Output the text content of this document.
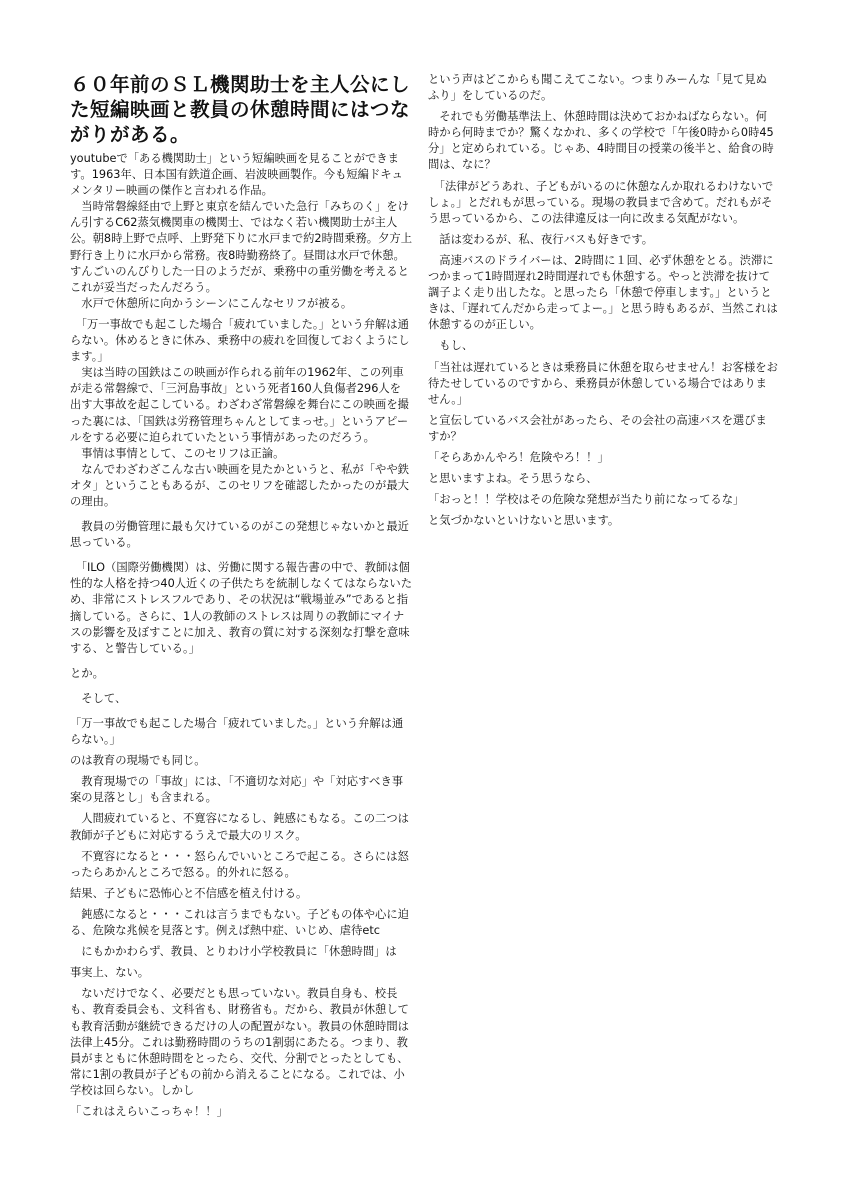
６０年前のＳＬ機関助士を主人公にした短編映画と教員の休憩時間にはつながりがある。

youtubeで「ある機関助士」という短編映画を見ることができます。1963年、日本国有鉄道企画、岩波映画製作。今も短編ドキュメンタリー映画の傑作と言われる作品。

　当時常磐線経由で上野と東京を結んでいた急行「みちのく」をけん引するC62蒸気機関車の機関士、ではなく若い機関助士が主人公。朝8時上野で点呼、上野発下りに水戸まで約2時間乗務。夕方上野行き上りに水戸から常務。夜8時勤務終了。昼間は水戸で休憩。すんごいのんびりした一日のようだが、乗務中の重労働を考えるとこれが妥当だったんだろう。

　水戸で休憩所に向かうシーンにこんなセリフが被る。

　「万一事故でも起こした場合「疲れていました。」という弁解は通らない。休めるときに休み、乗務中の疲れを回復しておくようにします。」

　実は当時の国鉄はこの映画が作られる前年の1962年、この列車が走る常磐線で、「三河島事故」という死者160人負傷者296人を

出す大事故を起こしている。わざわざ常磐線を舞台にこの映画を撮った裏には、「国鉄は労務管理ちゃんとしてまっせ。」というアピールをする必要に迫られていたという事情があったのだろう。

　事情は事情として、このセリフは正論。

　なんでわざわざこんな古い映画を見たかというと、私が「やや鉄オタ」ということもあるが、このセリフを確認したかったのが最大の理由。

　教員の労働管理に最も欠けているのがこの発想じゃないかと最近思っている。

　「ILO（国際労働機関）は、労働に関する報告書の中で、教師は個性的な人格を持つ40人近くの子供たちを統制しなくてはならないため、非常にストレスフルであり、その状況は“戦場並み”であると指摘している。さらに、1人の教師のストレスは周りの教師にマイナスの影響を及ぼすことに加え、教育の質に対する深刻な打撃を意味する、と警告している。」

とか。

　そして、

「万一事故でも起こした場合「疲れていました。」という弁解は通らない。」

のは教育の現場でも同じ。

　教育現場での「事故」には、「不適切な対応」や「対応すべき事案の見落とし」も含まれる。

　人間疲れていると、不寛容になるし、鈍感にもなる。この二つは教師が子どもに対応するうえで最大のリスク。

　不寛容になると・・・怒らんでいいところで起こる。さらには怒ったらあかんところで怒る。的外れに怒る。

結果、子どもに恐怖心と不信感を植え付ける。

　鈍感になると・・・これは言うまでもない。子どもの体や心に迫る、危険な兆候を見落とす。例えば熱中症、いじめ、虐待etc

　にもかかわらず、教員、とりわけ小学校教員に「休憩時間」は

事実上、ない。

　ないだけでなく、必要だとも思っていない。教員自身も、校長も、教育委員会も、文科省も、財務省も。だから、教員が休憩しても教育活動が継続できるだけの人の配置がない。教員の休憩時間は法律上45分。これは勤務時間のうちの1割弱にあたる。つまり、教員がまともに休憩時間をとったら、交代、分割でとったとしても、常に1割の教員が子どもの前から消えることになる。これでは、小学校は回らない。しかし

「これはえらいこっちゃ！！」

という声はどこからも聞こえてこない。つまりみーんな「見て見ぬふり」をしているのだ。

　それでも労働基準法上、休憩時間は決めておかねばならない。何時から何時までか？驚くなかれ、多くの学校で「午後0時から0時45分」と定められている。じゃあ、4時間目の授業の後半と、給食の時間は、なに？

　「法律がどうあれ、子どもがいるのに休憩なんか取れるわけないでしょ。」とだれもが思っている。現場の教員まで含めて。だれもがそう思っているから、この法律違反は一向に改まる気配がない。

　話は変わるが、私、夜行バスも好きです。

　高速バスのドライバーは、2時間に１回、必ず休憩をとる。渋滞につかまって1時間遅れ2時間遅れでも休憩する。やっと渋滞を抜けて調子よく走り出したな。と思ったら「休憩で停車します。」というときは、「遅れてんだから走ってよー。」と思う時もあるが、当然これは休憩するのが正しい。

　もし、

「当社は遅れているときは乗務員に休憩を取らせません！お客様をお待たせしているのですから、乗務員が休憩している場合ではありません。」

と宣伝しているバス会社があったら、その会社の高速バスを選びますか？

「そらあかんやろ！危険やろ！！」

と思いますよね。そう思うなら、

「おっと！！学校はその危険な発想が当たり前になってるな」

と気づかないといけないと思います。
